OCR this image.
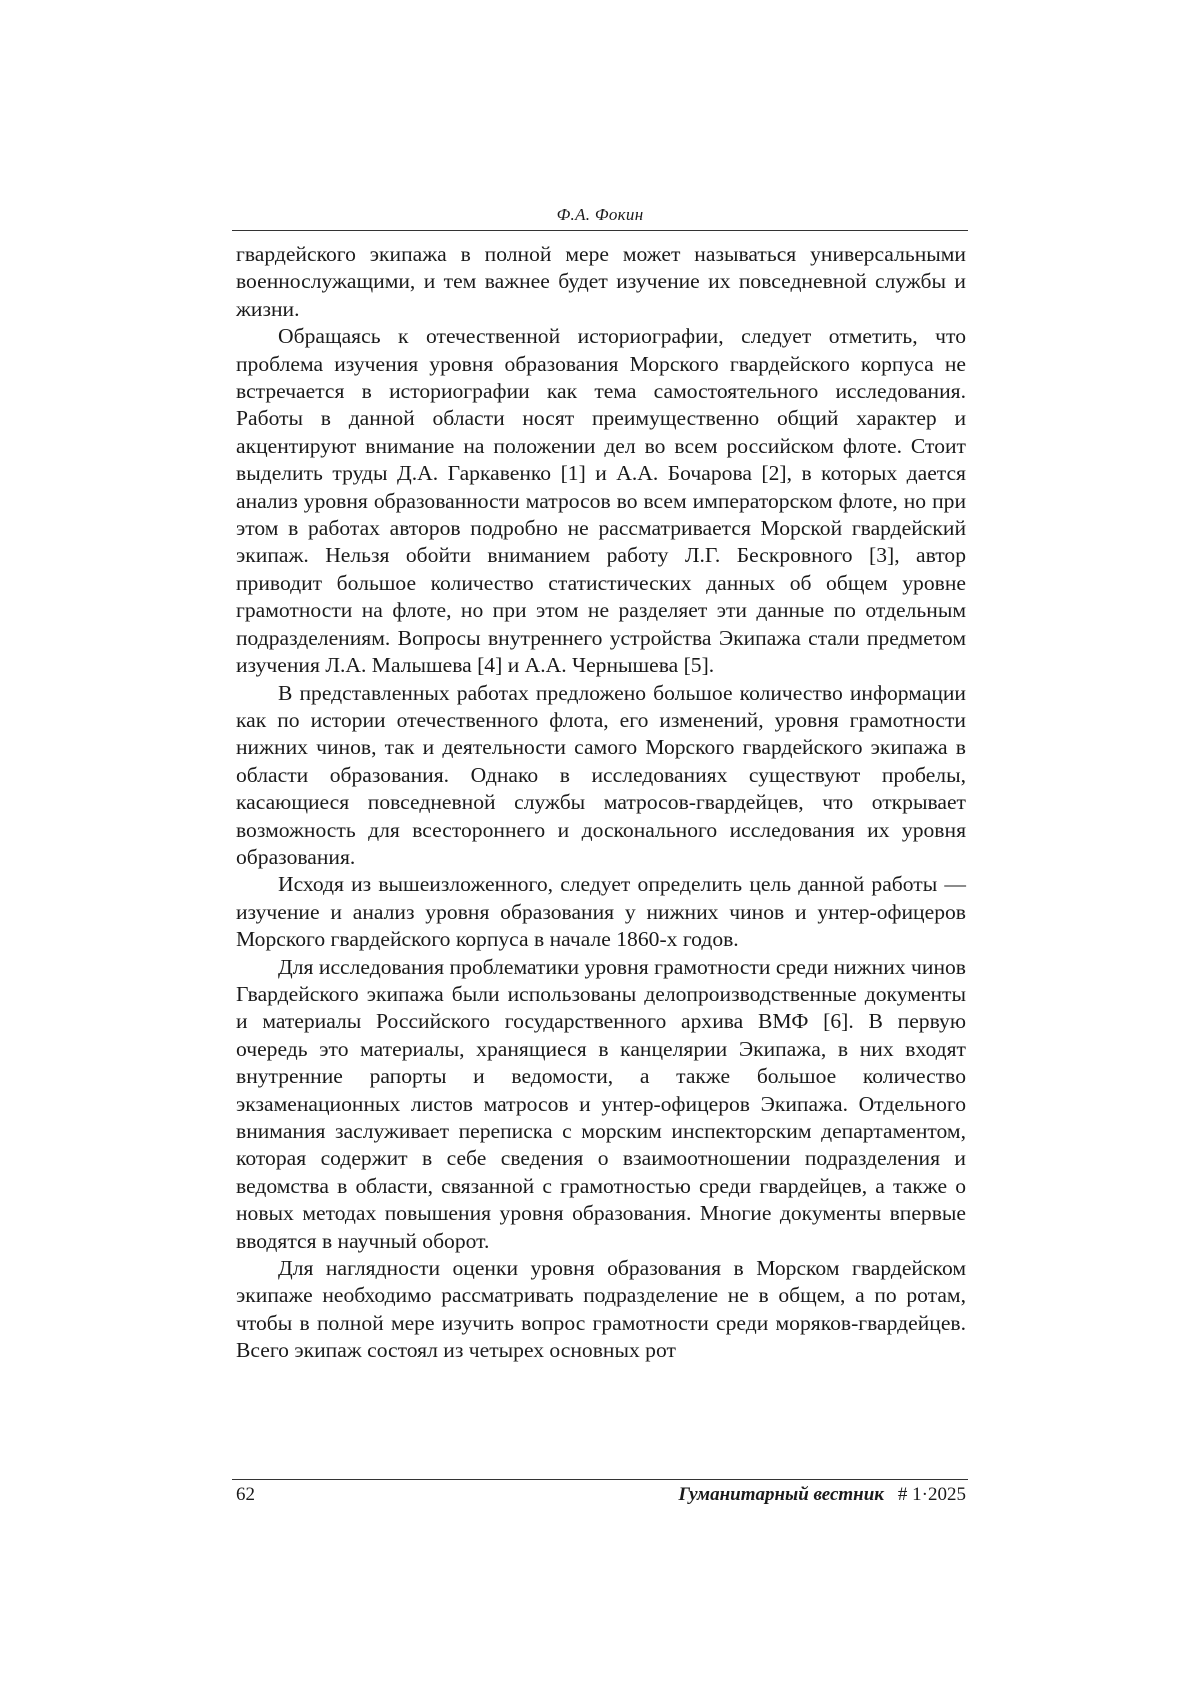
Ф.А. Фокин

гвардейского экипажа в полной мере может называться универсальными военнослужащими, и тем важнее будет изучение их повседневной службы и жизни.

Обращаясь к отечественной историографии, следует отметить, что проблема изучения уровня образования Морского гвардейского корпуса не встречается в историографии как тема самостоятельного исследования. Работы в данной области носят преимущественно общий характер и акцентируют внимание на положении дел во всем российском флоте. Стоит выделить труды Д.А. Гаркавенко [1] и А.А. Бочарова [2], в которых дается анализ уровня образованности матросов во всем императорском флоте, но при этом в работах авторов подробно не рассматривается Морской гвардейский экипаж. Нельзя обойти вниманием работу Л.Г. Бескровного [3], автор приводит большое количество статистических данных об общем уровне грамотности на флоте, но при этом не разделяет эти данные по отдельным подразделениям. Вопросы внутреннего устройства Экипажа стали предметом изучения Л.А. Малышева [4] и А.А. Чернышева [5].

В представленных работах предложено большое количество информации как по истории отечественного флота, его изменений, уровня грамотности нижних чинов, так и деятельности самого Морского гвардейского экипажа в области образования. Однако в исследованиях существуют пробелы, касающиеся повседневной службы матросов-гвардейцев, что открывает возможность для всестороннего и доскональнoго исследования их уровня образования.

Исходя из вышеизложенного, следует определить цель данной работы — изучение и анализ уровня образования у нижних чинов и унтер-офицеров Морского гвардейского корпуса в начале 1860-х годов.

Для исследования проблематики уровня грамотности среди нижних чинов Гвардейского экипажа были использованы делопроизводственные документы и материалы Российского государственного архива ВМФ [6]. В первую очередь это материалы, хранящиеся в канцелярии Экипажа, в них входят внутренние рапорты и ведомости, а также большое количество экзаменационных листов матросов и унтер-офицеров Экипажа. Отдельного внимания заслуживает переписка с морским инспекторским департаментом, которая содержит в себе сведения о взаимоотношении подразделения и ведомства в области, связанной с грамотностью среди гвардейцев, а также о новых методах повышения уровня образования. Многие документы впервые вводятся в научный оборот.

Для наглядности оценки уровня образования в Морском гвардейском экипаже необходимо рассматривать подразделение не в общем, а по ротам, чтобы в полной мере изучить вопрос грамотности среди моряков-гвардейцев. Всего экипаж состоял из четырех основных рот

62	Гуманитарный вестник # 1·2025
